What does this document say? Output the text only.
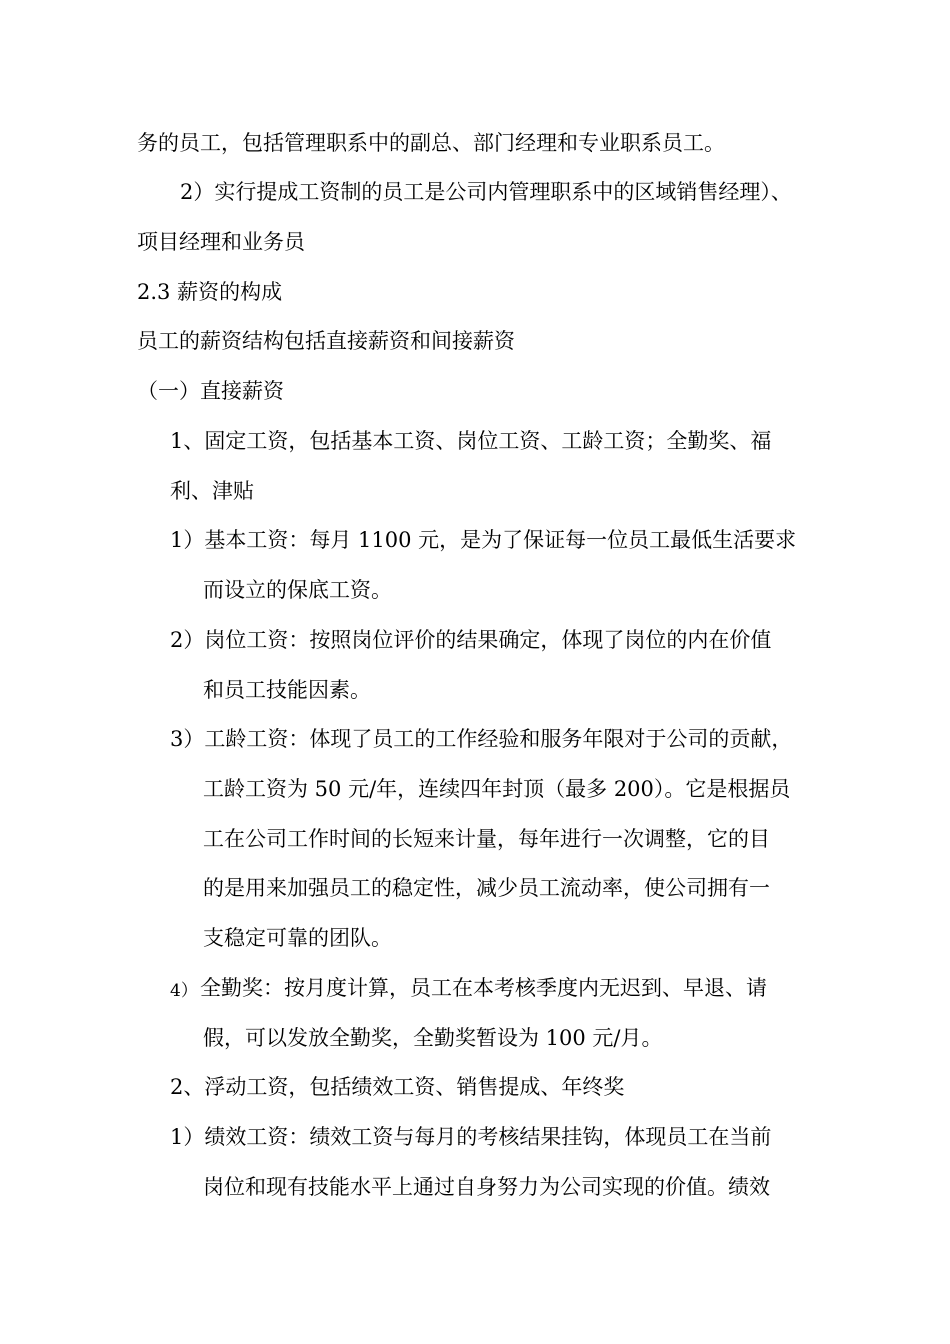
务的员工，包括管理职系中的副总、部门经理和专业职系员工。
2）实行提成工资制的员工是公司内管理职系中的区域销售经理）、
项目经理和业务员
2.3 薪资的构成
员工的薪资结构包括直接薪资和间接薪资
（一）直接薪资
1、固定工资，包括基本工资、岗位工资、工龄工资；全勤奖、福
利、津贴
1）基本工资：每月 1100 元，是为了保证每一位员工最低生活要求
而设立的保底工资。
2）岗位工资：按照岗位评价的结果确定，体现了岗位的内在价值
和员工技能因素。
3）工龄工资：体现了员工的工作经验和服务年限对于公司的贡献，
工龄工资为 50 元/年，连续四年封顶（最多 200）。它是根据员
工在公司工作时间的长短来计量，每年进行一次调整，它的目
的是用来加强员工的稳定性，减少员工流动率，使公司拥有一
支稳定可靠的团队。
4） 全勤奖：按月度计算，员工在本考核季度内无迟到、早退、请
假，可以发放全勤奖，全勤奖暂设为 100 元/月。
2、浮动工资，包括绩效工资、销售提成、年终奖
1）绩效工资：绩效工资与每月的考核结果挂钩，体现员工在当前
岗位和现有技能水平上通过自身努力为公司实现的价值。绩效
